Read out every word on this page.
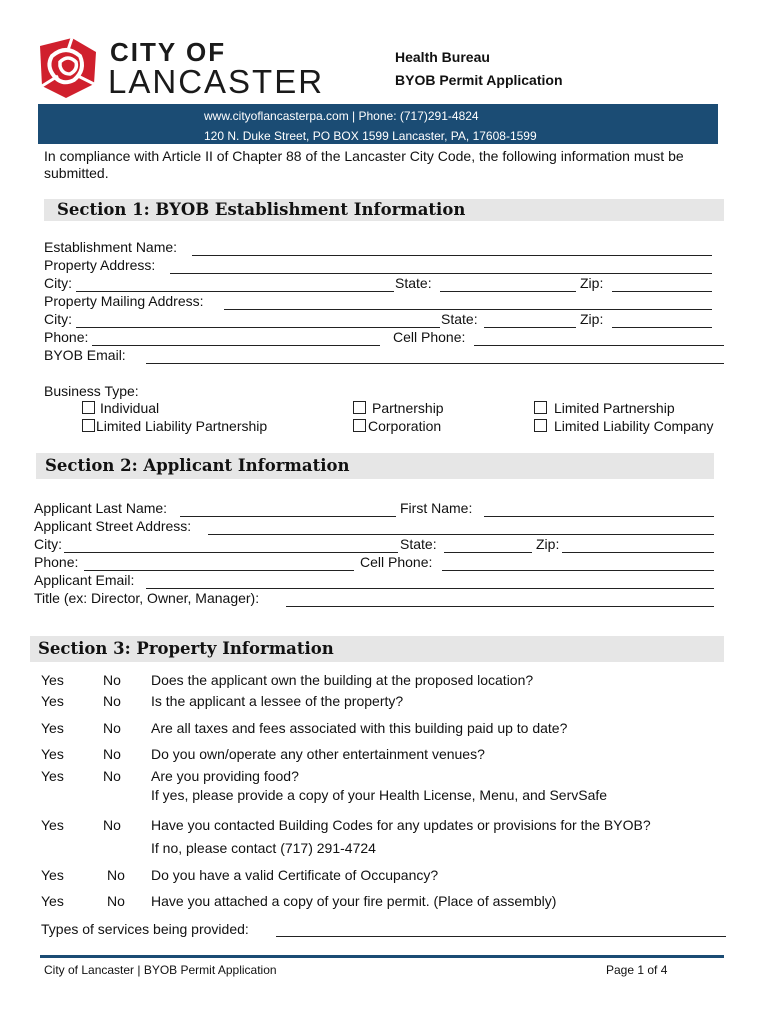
CITY OF
LANCASTER
Health Bureau
BYOB Permit Application
www.cityoflancasterpa.com | Phone: (717)291-4824
120 N. Duke Street, PO BOX 1599 Lancaster, PA, 17608-1599
In compliance with Article II of Chapter 88 of the Lancaster City Code, the following information must be
submitted.
Section 1: BYOB Establishment Information
Establishment Name:
Property Address:
City:	State:	Zip:
Property Mailing Address:
City:	State:	Zip:
Phone:	Cell Phone:
BYOB Email:
Business Type:
Individual
Limited Liability Partnership
Partnership
Corporation
Limited Partnership
Limited Liability Company
Section 2: Applicant Information
Applicant Last Name:	First Name:
Applicant Street Address:
City:	State:	Zip:
Phone:	Cell Phone:
Applicant Email:
Title (ex: Director, Owner, Manager):
Section 3: Property Information
Yes	No Does the applicant own the building at the proposed location?
Yes	No Is the applicant a lessee of the property?
Yes	No Are all taxes and fees associated with this building paid up to date?
Yes	No Do you own/operate any other entertainment venues?
Yes	No Are you providing food?
If yes, please provide a copy of your Health License, Menu, and ServSafe
Yes	No Have you contacted Building Codes for any updates or provisions for the BYOB?
If no, please contact (717) 291-4724
Yes	No Do you have a valid Certificate of Occupancy?
Yes	No Have you attached a copy of your fire permit. (Place of assembly)
Types of services being provided:
City of Lancaster | BYOB Permit Application	Page 1 of 4
